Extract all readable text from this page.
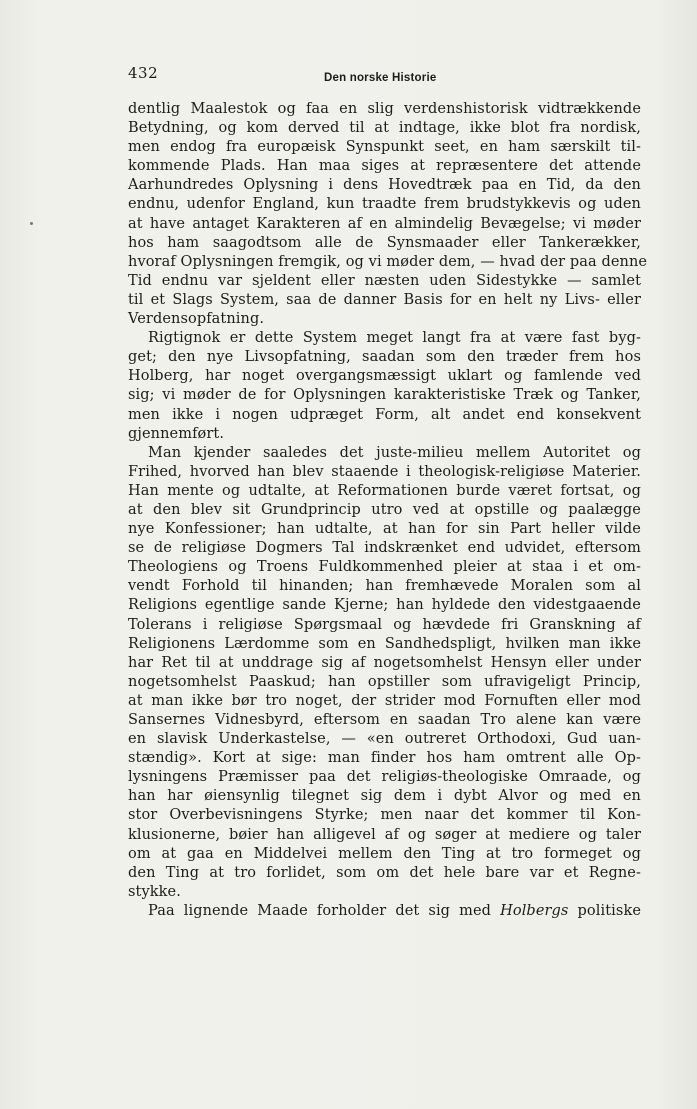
432	Den norske Historie
dentlig Maalestok og faa en slig verdenshistorisk vidtrækkende
Betydning, og kom derved til at indtage, ikke blot fra nordisk,
men endog fra europæisk Synspunkt seet, en ham særskilt til-
kommende Plads. Han maa siges at repræsentere det attende
Aarhundredes Oplysning i dens Hovedtræk paa en Tid, da den
endnu, udenfor England, kun traadte frem brudstykkevis og uden
at have antaget Karakteren af en almindelig Bevægelse; vi møder
hos ham saagodtsom alle de Synsmaader eller Tankerækker,
hvoraf Oplysningen fremgik, og vi møder dem, — hvad der paa denne
Tid endnu var sjeldent eller næsten uden Sidestykke — samlet
til et Slags System, saa de danner Basis for en helt ny Livs- eller
Verdensopfatning.
Rigtignok er dette System meget langt fra at være fast byg-
get; den nye Livsopfatning, saadan som den træder frem hos
Holberg, har noget overgangsmæssigt uklart og famlende ved
sig; vi møder de for Oplysningen karakteristiske Træk og Tanker,
men ikke i nogen udpræget Form, alt andet end konsekvent
gjennemført.
Man kjender saaledes det juste-milieu mellem Autoritet og
Frihed, hvorved han blev staaende i theologisk-religiøse Materier.
Han mente og udtalte, at Reformationen burde været fortsat, og
at den blev sit Grundprincip utro ved at opstille og paalægge
nye Konfessioner; han udtalte, at han for sin Part heller vilde
se de religiøse Dogmers Tal indskrænket end udvidet, eftersom
Theologiens og Troens Fuldkommenhed pleier at staa i et om-
vendt Forhold til hinanden; han fremhævede Moralen som al
Religions egentlige sande Kjerne; han hyldede den videstgaaende
Tolerans i religiøse Spørgsmaal og hævdede fri Granskning af
Religionens Lærdomme som en Sandhedspligt, hvilken man ikke
har Ret til at unddrage sig af nogetsomhelst Hensyn eller under
nogetsomhelst Paaskud; han opstiller som ufravigeligt Princip,
at man ikke bør tro noget, der strider mod Fornuften eller mod
Sansernes Vidnesbyrd, eftersom en saadan Tro alene kan være
en slavisk Underkastelse, — «en outreret Orthodoxi, Gud uan-
stændig». Kort at sige: man finder hos ham omtrent alle Op-
lysningens Præmisser paa det religiøs-theologiske Omraade, og
han har øiensynlig tilegnet sig dem i dybt Alvor og med en
stor Overbevisningens Styrke; men naar det kommer til Kon-
klusionerne, bøier han alligevel af og søger at mediere og taler
om at gaa en Middelvei mellem den Ting at tro formeget og
den Ting at tro forlidet, som om det hele bare var et Regne-
stykke.
Paa lignende Maade forholder det sig med Holbergs politiske
